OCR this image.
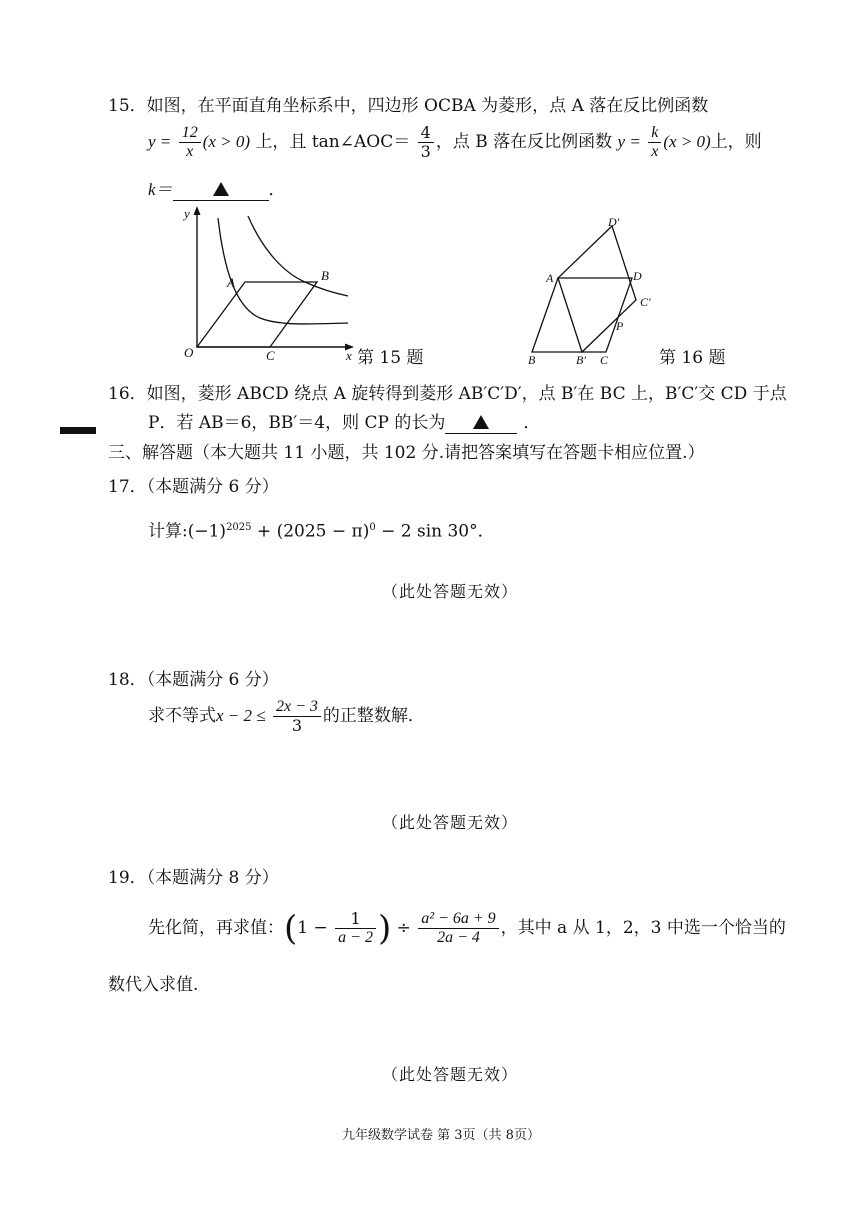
15．如图，在平面直角坐标系中，四边形 OCBA 为菱形，点 A 落在反比例函数
$y = \frac{12}{x} (x > 0)$ 上，且 tan∠AOC＝ $\frac{4}{3}$ ，点 B 落在反比例函数 $y = \frac{k}{x} (x > 0)$上，则
k＝	．
y
x
O
A	B
C	第 15 题
A
B	B′ C
C′
D
D′
P
第 16 题
16．如图，菱形 ABCD 绕点 A 旋转得到菱形 AB′C′D′，点 B′在 BC 上，B′C′交 CD 于点
P．若 AB＝6，BB′＝4，则 CP 的长为	．
三、解答题（本大题共 11 小题，共 102 分.请把答案填写在答题卡相应位置.）
17．（本题满分 6 分）
计算$:(-1)^{2025} + (2025 - \pi)^0 - 2$ sin 30°．
（此处答题无效）
18．（本题满分 6 分）
求不等式$x - 2 \le \frac{2x - 3}{3}$ 的正整数解．
（此处答题无效）
19．（本题满分 8 分）
先化简，再求值：($1 - \frac{1}{a - 2}$ ) ÷ $\frac{\text{a² − 6a + 9}}{2a - 4}$ ，其中 a 从 1，2，3 中选一个恰当的
数代入求值.
（此处答题无效）
九年级数学试卷 第 3页（共 8页）
